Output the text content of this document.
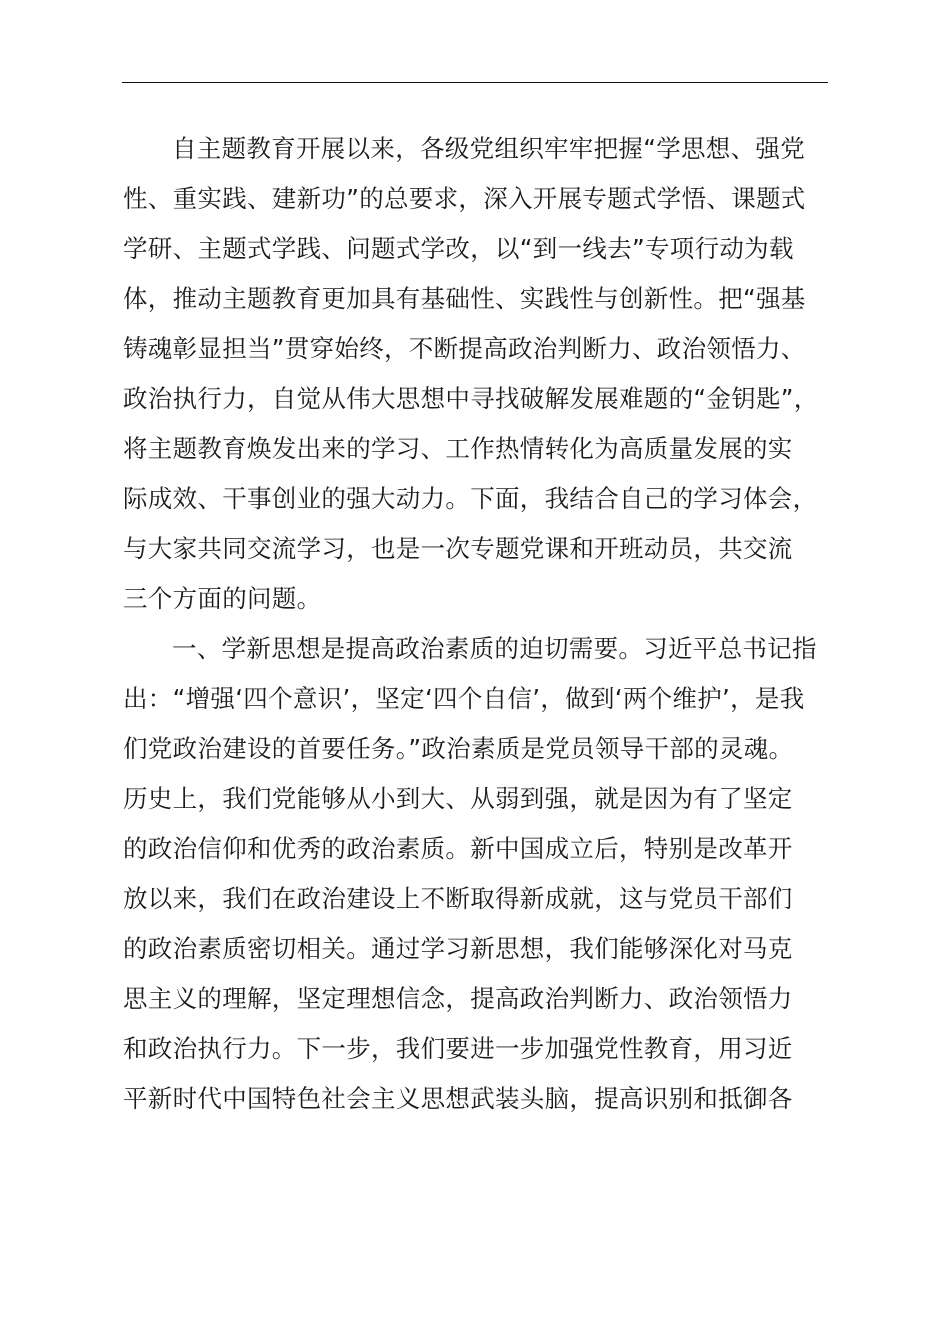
自主题教育开展以来，各级党组织牢牢把握“学思想、强党
性、重实践、建新功”的总要求，深入开展专题式学悟、课题式
学研、主题式学践、问题式学改，以“到一线去”专项行动为载
体，推动主题教育更加具有基础性、实践性与创新性。把“强基
铸魂彰显担当”贯穿始终，不断提高政治判断力、政治领悟力、
政治执行力，自觉从伟大思想中寻找破解发展难题的“金钥匙”，
将主题教育焕发出来的学习、工作热情转化为高质量发展的实
际成效、干事创业的强大动力。下面，我结合自己的学习体会，
与大家共同交流学习，也是一次专题党课和开班动员，共交流
三个方面的问题。

一、学新思想是提高政治素质的迫切需要。习近平总书记指
出：“增强‘四个意识’，坚定‘四个自信’，做到‘两个维护’，是我
们党政治建设的首要任务。”政治素质是党员领导干部的灵魂。
历史上，我们党能够从小到大、从弱到强，就是因为有了坚定
的政治信仰和优秀的政治素质。新中国成立后，特别是改革开
放以来，我们在政治建设上不断取得新成就，这与党员干部们
的政治素质密切相关。通过学习新思想，我们能够深化对马克
思主义的理解，坚定理想信念，提高政治判断力、政治领悟力
和政治执行力。下一步，我们要进一步加强党性教育，用习近
平新时代中国特色社会主义思想武装头脑，提高识别和抵御各
